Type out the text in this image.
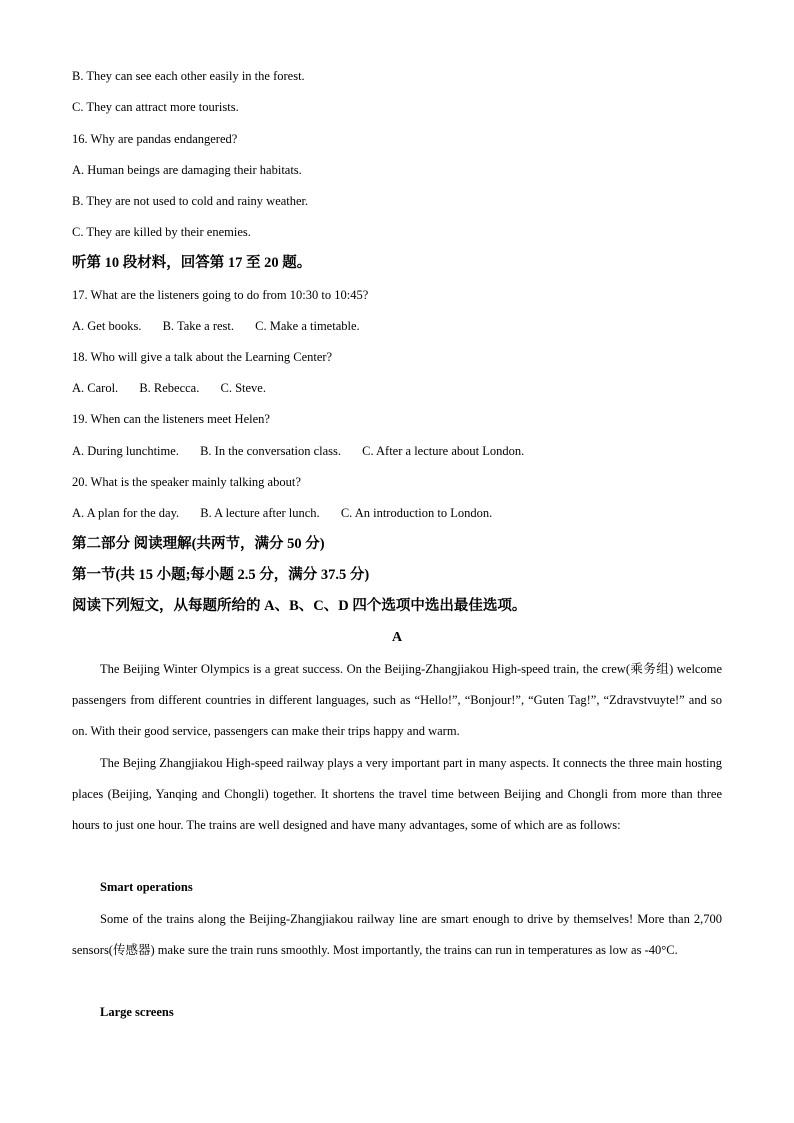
B. They can see each other easily in the forest.
C. They can attract more tourists.
16. Why are pandas endangered?
A. Human beings are damaging their habitats.
B. They are not used to cold and rainy weather.
C. They are killed by their enemies.
听第 10 段材料，回答第 17 至 20 题。
17. What are the listeners going to do from 10:30 to 10:45?
A. Get books. B. Take a rest. C. Make a timetable.
18. Who will give a talk about the Learning Center?
A. Carol. B. Rebecca. C. Steve.
19. When can the listeners meet Helen?
A. During lunchtime. B. In the conversation class. C. After a lecture about London.
20. What is the speaker mainly talking about?
A. A plan for the day. B. A lecture after lunch. C. An introduction to London.
第二部分 阅读理解(共两节，满分 50 分)
第一节(共 15 小题;每小题 2.5 分，满分 37.5 分)
阅读下列短文，从每题所给的 A、B、C、D 四个选项中选出最佳选项。
A
The Beijing Winter Olympics is a great success. On the Beijing-Zhangjiakou High-speed train, the crew(乘务组) welcome passengers from different countries in different languages, such as “Hello!”, “Bonjour!”, “Guten Tag!”, “Zdravstvuyte!” and so on. With their good service, passengers can make their trips happy and warm.
The Bejing Zhangjiakou High-speed railway plays a very important part in many aspects. It connects the three main hosting places (Beijing, Yanqing and Chongli) together. It shortens the travel time between Beijing and Chongli from more than three hours to just one hour. The trains are well designed and have many advantages, some of which are as follows:
Smart operations
Some of the trains along the Beijing-Zhangjiakou railway line are smart enough to drive by themselves! More than 2,700 sensors(传感器) make sure the train runs smoothly. Most importantly, the trains can run in temperatures as low as -40°C.
Large screens
